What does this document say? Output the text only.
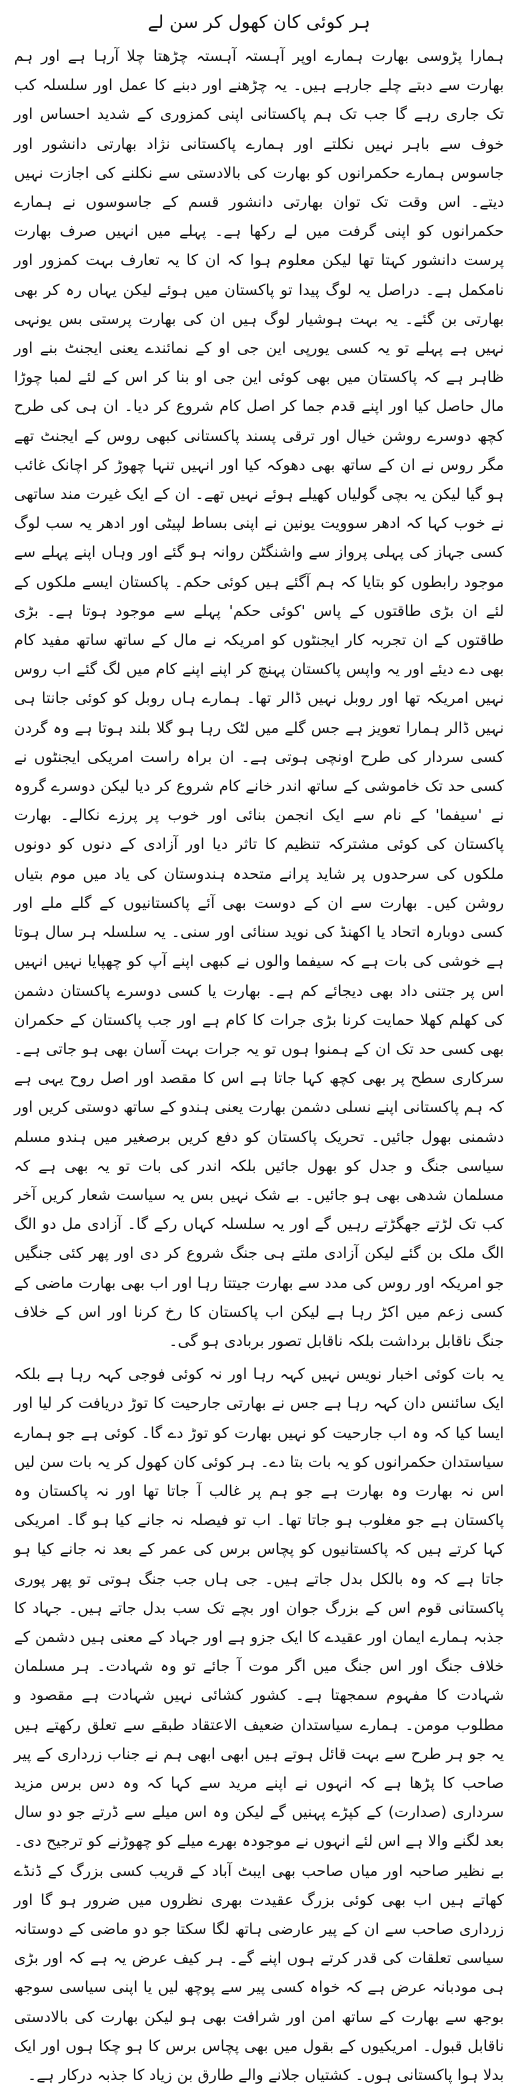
ہر کوئی کان کھول کر سن لے

ہمارا پڑوسی بھارت ہمارے اوپر آہستہ آہستہ چڑھتا چلا آرہا ہے اور ہم بھارت سے دبتے چلے جارہے ہیں۔ یہ چڑھنے اور دبنے کا عمل اور سلسلہ کب تک جاری رہے گا جب تک ہم پاکستانی اپنی کمزوری کے شدید احساس اور خوف سے باہر نہیں نکلتے اور ہمارے پاکستانی نژاد بھارتی دانشور اور جاسوس ہمارے حکمرانوں کو بھارت کی بالادستی سے نکلنے کی اجازت نہیں دیتے۔ اس وقت تک توان بھارتی دانشور قسم کے جاسوسوں نے ہمارے حکمرانوں کو اپنی گرفت میں لے رکھا ہے۔ پہلے میں انہیں صرف بھارت پرست دانشور کہتا تھا لیکن معلوم ہوا کہ ان کا یہ تعارف بہت کمزور اور نامکمل ہے۔ دراصل یہ لوگ پیدا تو پاکستان میں ہوئے لیکن یہاں رہ کر بھی بھارتی بن گئے۔ یہ بہت ہوشیار لوگ ہیں ان کی بھارت پرستی بس یونہی نہیں ہے پہلے تو یہ کسی یورپی این جی او کے نمائندے یعنی ایجنٹ بنے اور ظاہر ہے کہ پاکستان میں بھی کوئی این جی او بنا کر اس کے لئے لمبا چوڑا مال حاصل کیا اور اپنے قدم جما کر اصل کام شروع کر دیا۔ ان ہی کی طرح کچھ دوسرے روشن خیال اور ترقی پسند پاکستانی کبھی روس کے ایجنٹ تھے مگر روس نے ان کے ساتھ بھی دھوکہ کیا اور انہیں تنہا چھوڑ کر اچانک غائب ہو گیا لیکن یہ بچی گولیاں کھیلے ہوئے نہیں تھے۔ ان کے ایک غیرت مند ساتھی نے خوب کہا کہ ادھر سوویت یونین نے اپنی بساط لپیٹی اور ادھر یہ سب لوگ کسی جہاز کی پہلی پرواز سے واشنگٹن روانہ ہو گئے اور وہاں اپنے پہلے سے موجود رابطوں کو بتایا کہ ہم آگئے ہیں کوئی حکم۔ پاکستان ایسے ملکوں کے لئے ان بڑی طاقتوں کے پاس 'کوئی حکم' پہلے سے موجود ہوتا ہے۔ بڑی طاقتوں کے ان تجربہ کار ایجنٹوں کو امریکہ نے مال کے ساتھ ساتھ مفید کام بھی دے دیئے اور یہ واپس پاکستان پہنچ کر اپنے اپنے کام میں لگ گئے اب روس نہیں امریکہ تھا اور روبل نہیں ڈالر تھا۔ ہمارے ہاں روبل کو کوئی جانتا ہی نہیں ڈالر ہمارا تعویز ہے جس گلے میں لٹک رہا ہو گلا بلند ہوتا ہے وہ گردن کسی سردار کی طرح اونچی ہوتی ہے۔ ان براہ راست امریکی ایجنٹوں نے کسی حد تک خاموشی کے ساتھ اندر خانے کام شروع کر دیا لیکن دوسرے گروہ نے 'سیفما' کے نام سے ایک انجمن بنائی اور خوب پر پرزے نکالے۔ بھارت پاکستان کی کوئی مشترکہ تنظیم کا تاثر دیا اور آزادی کے دنوں کو دونوں ملکوں کی سرحدوں پر شاید پرانے متحدہ ہندوستان کی یاد میں موم بتیاں روشن کیں۔ بھارت سے ان کے دوست بھی آئے پاکستانیوں کے گلے ملے اور کسی دوبارہ اتحاد یا اکھنڈ کی نوید سنائی اور سنی۔ یہ سلسلہ ہر سال ہوتا ہے خوشی کی بات ہے کہ سیفما والوں نے کبھی اپنے آپ کو چھپایا نہیں انہیں اس پر جتنی داد بھی دیجائے کم ہے۔ بھارت یا کسی دوسرے پاکستان دشمن کی کھلم کھلا حمایت کرنا بڑی جرات کا کام ہے اور جب پاکستان کے حکمران بھی کسی حد تک ان کے ہمنوا ہوں تو یہ جرات بہت آسان بھی ہو جاتی ہے۔ سرکاری سطح پر بھی کچھ کہا جاتا ہے اس کا مقصد اور اصل روح یہی ہے کہ ہم پاکستانی اپنے نسلی دشمن بھارت یعنی ہندو کے ساتھ دوستی کریں اور دشمنی بھول جائیں۔ تحریک پاکستان کو دفع کریں برصغیر میں ہندو مسلم سیاسی جنگ و جدل کو بھول جائیں بلکہ اندر کی بات تو یہ بھی ہے کہ مسلمان شدھی بھی ہو جائیں۔ بے شک نہیں بس یہ سیاست شعار کریں آخر کب تک لڑتے جھگڑتے رہیں گے اور یہ سلسلہ کہاں رکے گا۔ آزادی مل دو الگ الگ ملک بن گئے لیکن آزادی ملتے ہی جنگ شروع کر دی اور پھر کئی جنگیں جو امریکہ اور روس کی مدد سے بھارت جیتتا رہا اور اب بھی بھارت ماضی کے کسی زعم میں اکڑ رہا ہے لیکن اب پاکستان کا رخ کرنا اور اس کے خلاف جنگ ناقابل برداشت بلکہ ناقابل تصور بربادی ہو گی۔

یہ بات کوئی اخبار نویس نہیں کہہ رہا اور نہ کوئی فوجی کہہ رہا ہے بلکہ ایک سائنس دان کہہ رہا ہے جس نے بھارتی جارحیت کا توڑ دریافت کر لیا اور ایسا کیا کہ وہ اب جارحیت کو نہیں بھارت کو توڑ دے گا۔ کوئی ہے جو ہمارے سیاستدان حکمرانوں کو یہ بات بتا دے۔ ہر کوئی کان کھول کر یہ بات سن لیں اس نہ بھارت وہ بھارت ہے جو ہم پر غالب آ جاتا تھا اور نہ پاکستان وہ پاکستان ہے جو مغلوب ہو جاتا تھا۔ اب تو فیصلہ نہ جانے کیا ہو گا۔ امریکی کہا کرتے ہیں کہ پاکستانیوں کو پچاس برس کی عمر کے بعد نہ جانے کیا ہو جاتا ہے کہ وہ بالکل بدل جاتے ہیں۔ جی ہاں جب جنگ ہوتی تو پھر پوری پاکستانی قوم اس کے بزرگ جوان اور بچے تک سب بدل جاتے ہیں۔ جہاد کا جذبہ ہمارے ایمان اور عقیدے کا ایک جزو ہے اور جہاد کے معنی ہیں دشمن کے خلاف جنگ اور اس جنگ میں اگر موت آ جائے تو وہ شہادت۔ ہر مسلمان شہادت کا مفہوم سمجھتا ہے۔ کشور کشائی نہیں شہادت ہے مقصود و مطلوب مومن۔ ہمارے سیاستدان ضعیف الاعتقاد طبقے سے تعلق رکھتے ہیں یہ جو ہر طرح سے بہت قائل ہوتے ہیں ابھی ابھی ہم نے جناب زرداری کے پیر صاحب کا پڑھا ہے کہ انہوں نے اپنے مرید سے کہا کہ وہ دس برس مزید سرداری (صدارت) کے کپڑے پہنیں گے لیکن وہ اس میلے سے ڈرتے جو دو سال بعد لگنے والا ہے اس لئے انہوں نے موجودہ بھرے میلے کو چھوڑنے کو ترجیح دی۔ بے نظیر صاحبہ اور میاں صاحب بھی ایبٹ آباد کے قریب کسی بزرگ کے ڈنڈے کھاتے ہیں اب بھی کوئی بزرگ عقیدت بھری نظروں میں ضرور ہو گا اور زرداری صاحب سے ان کے پیر عارضی ہاتھ لگا سکتا جو دو ماضی کے دوستانہ سیاسی تعلقات کی قدر کرتے ہوں اپنے گے۔ ہر کیف عرض یہ ہے کہ اور بڑی ہی مودبانہ عرض ہے کہ خواہ کسی پیر سے پوچھ لیں یا اپنی سیاسی سوجھ بوجھ سے بھارت کے ساتھ امن اور شرافت بھی ہو لیکن بھارت کی بالادستی ناقابل قبول۔ امریکیوں کے بقول میں بھی پچاس برس کا ہو چکا ہوں اور ایک بدلا ہوا پاکستانی ہوں۔ کشتیاں جلانے والے طارق بن زیاد کا جذبہ درکار ہے۔
